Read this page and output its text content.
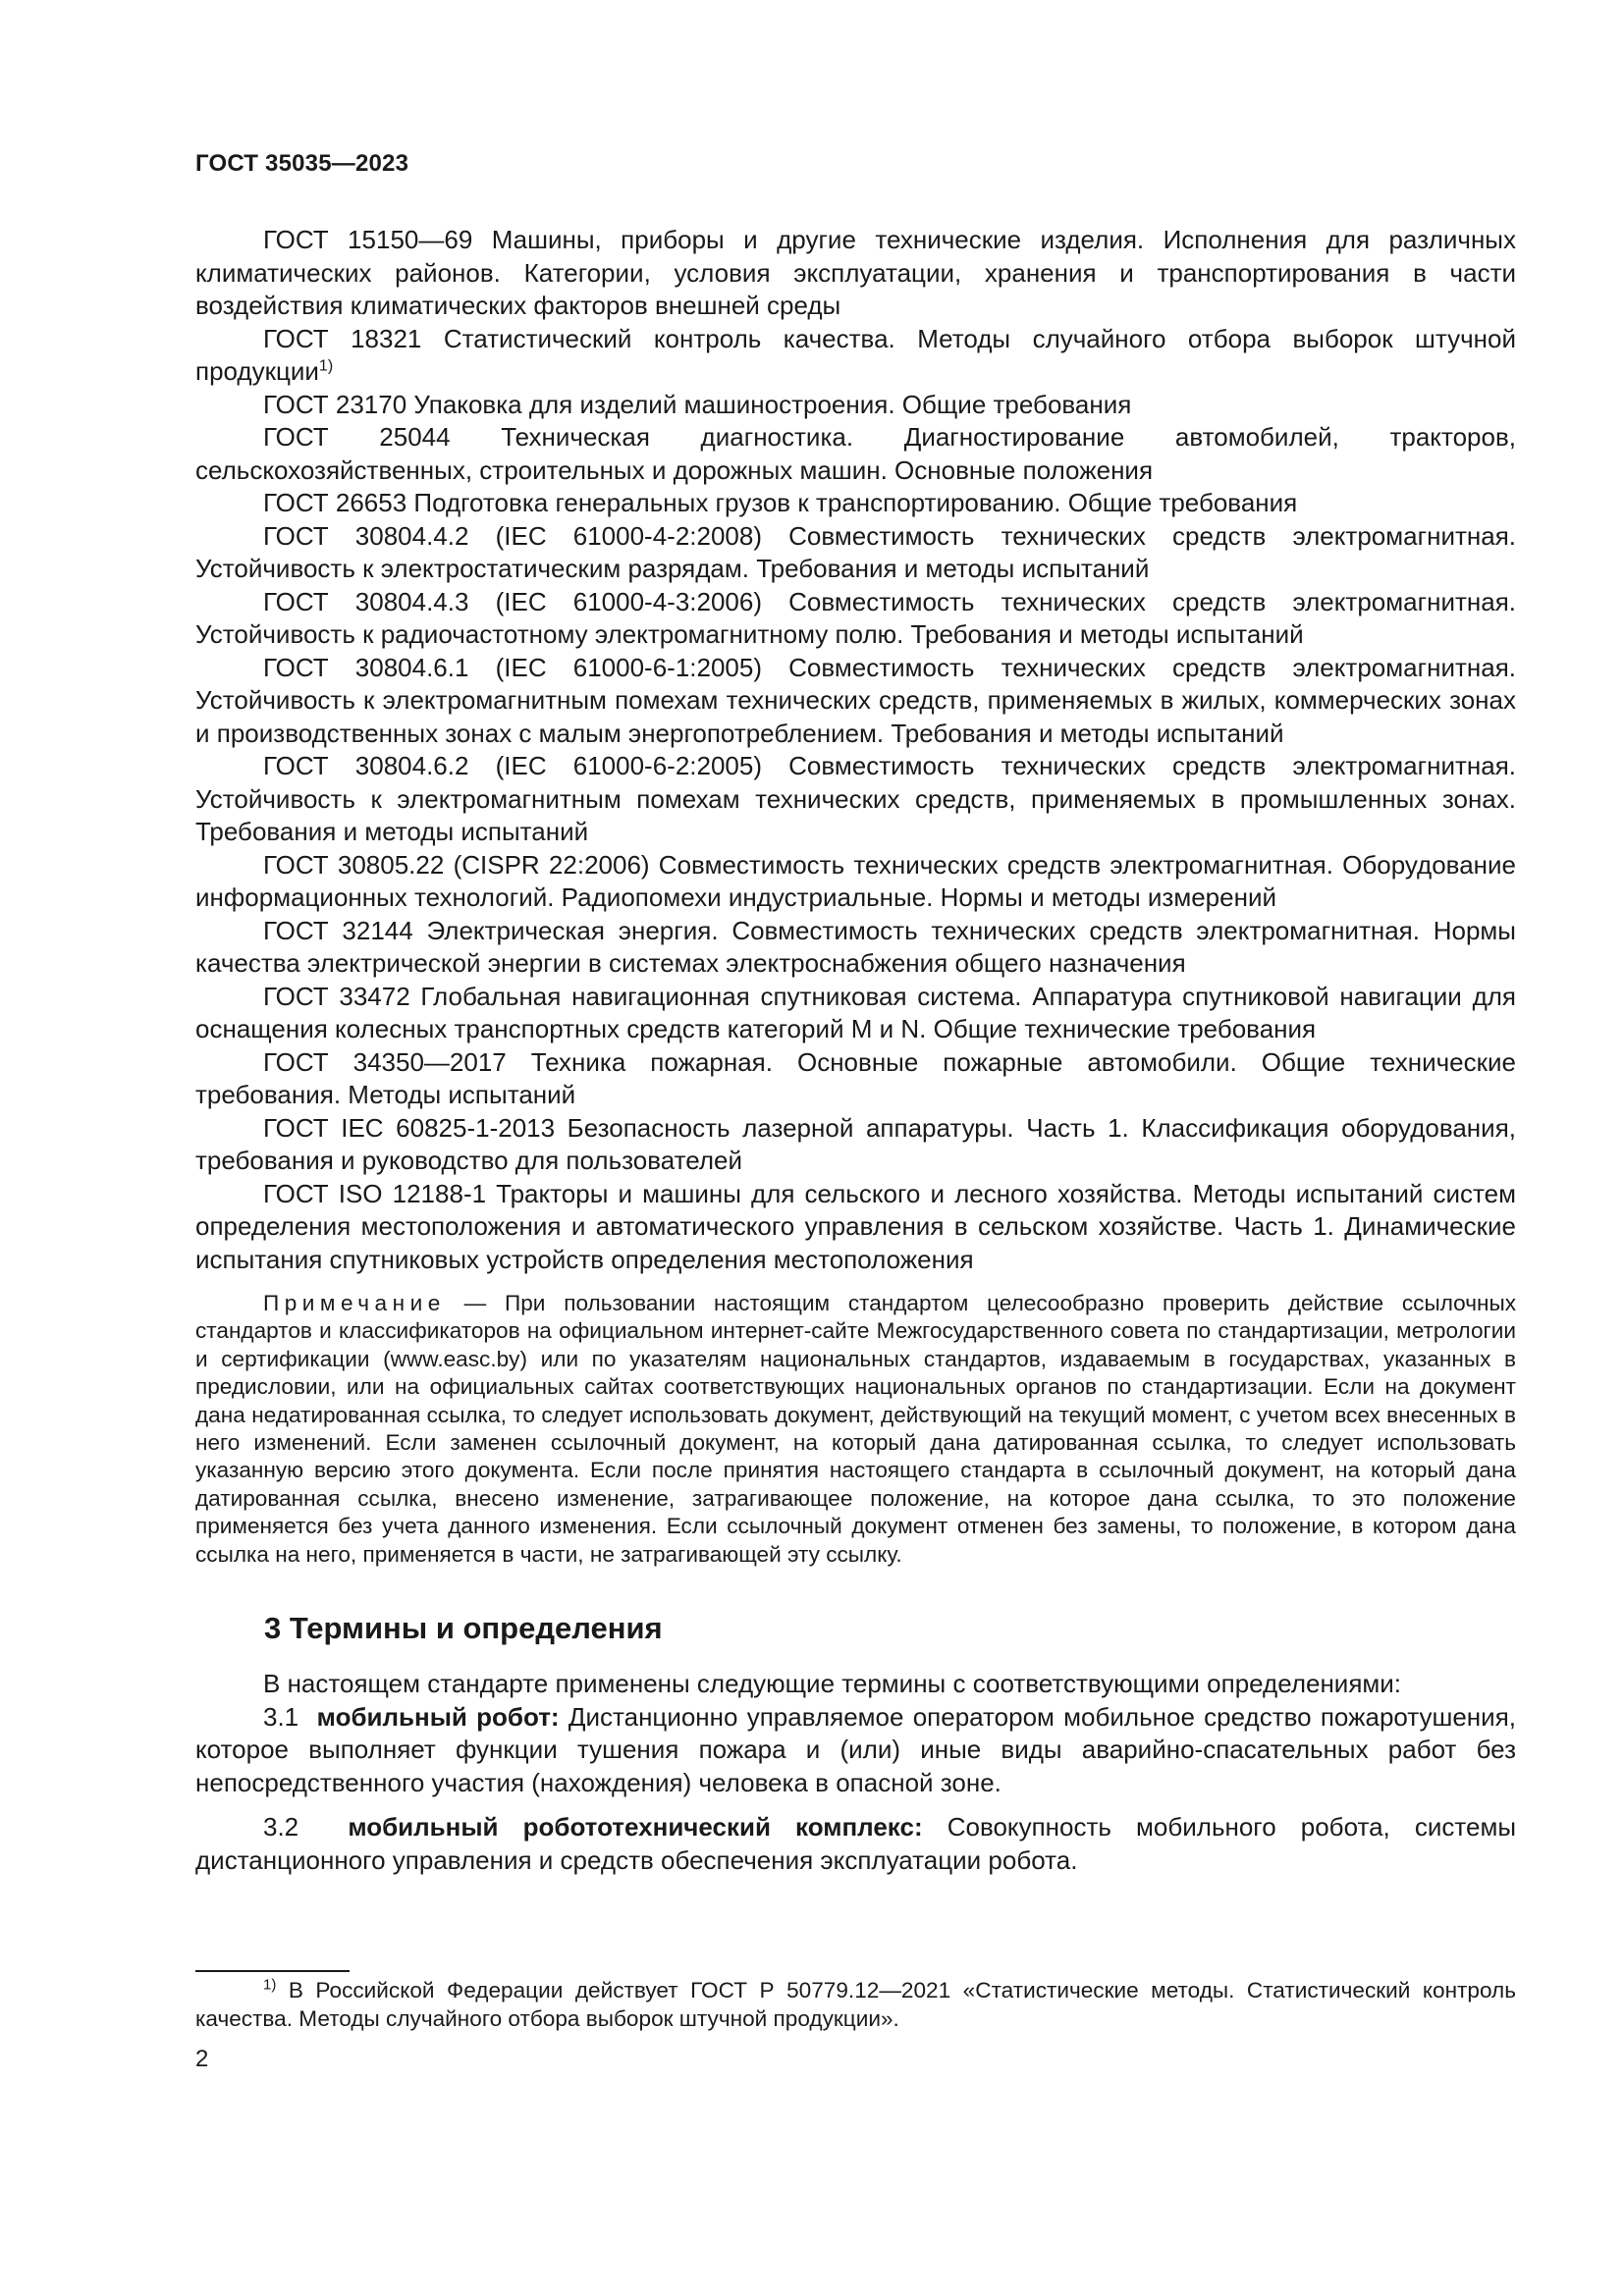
ГОСТ 35035—2023

ГОСТ 15150—69 Машины, приборы и другие технические изделия. Исполнения для различных климатических районов. Категории, условия эксплуатации, хранения и транспортирования в части воздействия климатических факторов внешней среды

ГОСТ 18321 Статистический контроль качества. Методы случайного отбора выборок штучной продукции$^{1)}$

ГОСТ 23170 Упаковка для изделий машиностроения. Общие требования

ГОСТ 25044 Техническая диагностика. Диагностирование автомобилей, тракторов, сельскохозяйственных, строительных и дорожных машин. Основные положения

ГОСТ 26653 Подготовка генеральных грузов к транспортированию. Общие требования

ГОСТ 30804.4.2 (IEC 61000-4-2:2008) Совместимость технических средств электромагнитная. Устойчивость к электростатическим разрядам. Требования и методы испытаний

ГОСТ 30804.4.3 (IEC 61000-4-3:2006) Совместимость технических средств электромагнитная. Устойчивость к радиочастотному электромагнитному полю. Требования и методы испытаний

ГОСТ 30804.6.1 (IEC 61000-6-1:2005) Совместимость технических средств электромагнитная. Устойчивость к электромагнитным помехам технических средств, применяемых в жилых, коммерческих зонах и производственных зонах с малым энергопотреблением. Требования и методы испытаний

ГОСТ 30804.6.2 (IEC 61000-6-2:2005) Совместимость технических средств электромагнитная. Устойчивость к электромагнитным помехам технических средств, применяемых в промышленных зонах. Требования и методы испытаний

ГОСТ 30805.22 (CISPR 22:2006) Совместимость технических средств электромагнитная. Оборудование информационных технологий. Радиопомехи индустриальные. Нормы и методы измерений

ГОСТ 32144 Электрическая энергия. Совместимость технических средств электромагнитная. Нормы качества электрической энергии в системах электроснабжения общего назначения

ГОСТ 33472 Глобальная навигационная спутниковая система. Аппаратура спутниковой навигации для оснащения колесных транспортных средств категорий M и N. Общие технические требования

ГОСТ 34350—2017 Техника пожарная. Основные пожарные автомобили. Общие технические требования. Методы испытаний

ГОСТ IEC 60825-1-2013 Безопасность лазерной аппаратуры. Часть 1. Классификация оборудования, требования и руководство для пользователей

ГОСТ ISO 12188-1 Тракторы и машины для сельского и лесного хозяйства. Методы испытаний систем определения местоположения и автоматического управления в сельском хозяйстве. Часть 1. Динамические испытания спутниковых устройств определения местоположения

Примечание — При пользовании настоящим стандартом целесообразно проверить действие ссылочных стандартов и классификаторов на официальном интернет-сайте Межгосударственного совета по стандартизации, метрологии и сертификации (www.easc.by) или по указателям национальных стандартов, издаваемым в государствах, указанных в предисловии, или на официальных сайтах соответствующих национальных органов по стандартизации. Если на документ дана недатированная ссылка, то следует использовать документ, действующий на текущий момент, с учетом всех внесенных в него изменений. Если заменен ссылочный документ, на который дана датированная ссылка, то следует использовать указанную версию этого документа. Если после принятия настоящего стандарта в ссылочный документ, на который дана датированная ссылка, внесено изменение, затрагивающее положение, на которое дана ссылка, то это положение применяется без учета данного изменения. Если ссылочный документ отменен без замены, то положение, в котором дана ссылка на него, применяется в части, не затрагивающей эту ссылку.

3 Термины и определения

В настоящем стандарте применены следующие термины с соответствующими определениями:

3.1 мобильный робот: Дистанционно управляемое оператором мобильное средство пожаротушения, которое выполняет функции тушения пожара и (или) иные виды аварийно-спасательных работ без непосредственного участия (нахождения) человека в опасной зоне.

3.2 мобильный робототехнический комплекс: Совокупность мобильного робота, системы дистанционного управления и средств обеспечения эксплуатации робота.

$^{1)}$ В Российской Федерации действует ГОСТ Р 50779.12—2021 «Статистические методы. Статистический контроль качества. Методы случайного отбора выборок штучной продукции».

2
